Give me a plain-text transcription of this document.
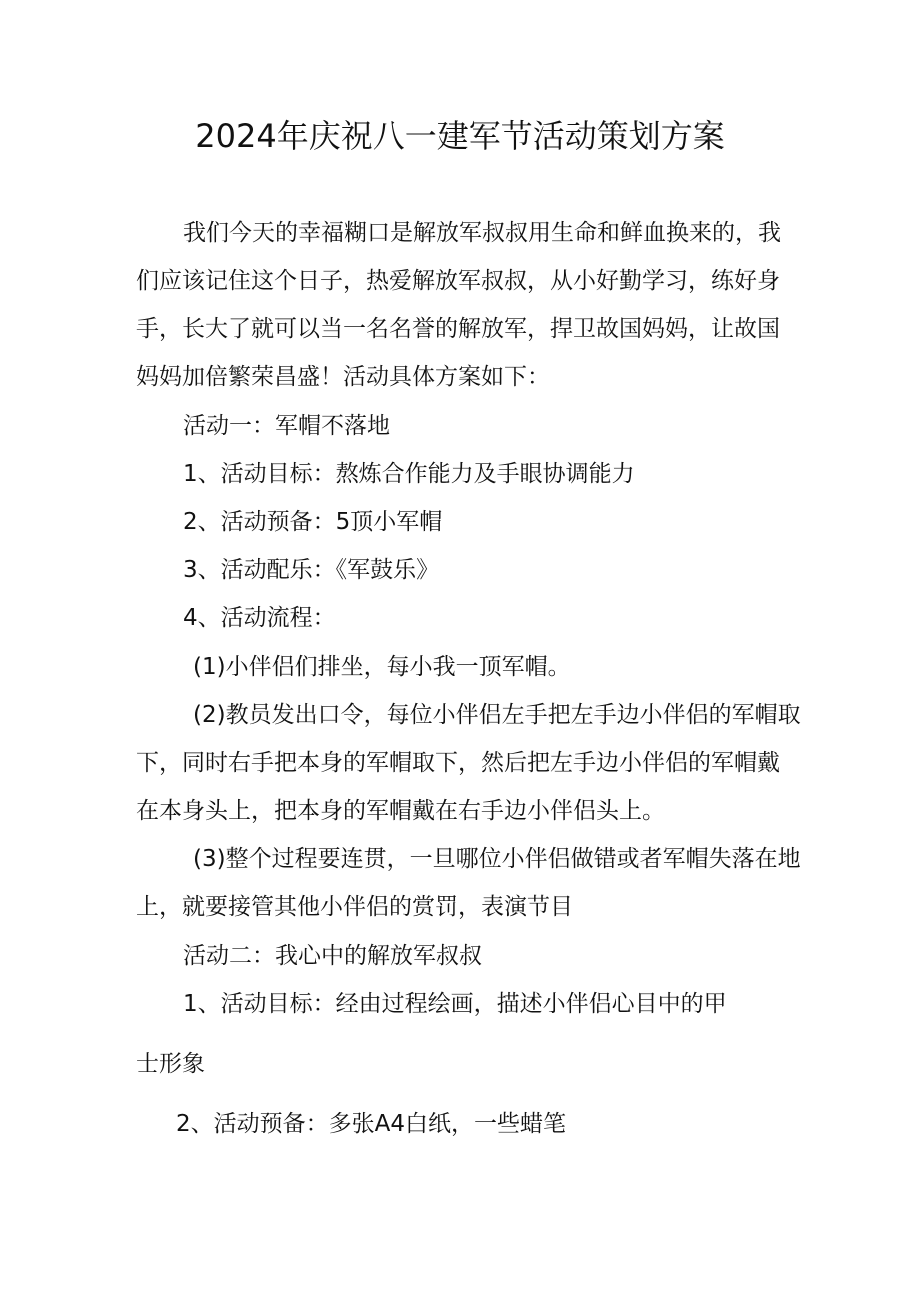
2024年庆祝八一建军节活动策划方案

我们今天的幸福糊口是解放军叔叔用生命和鲜血换来的，我

们应该记住这个日子，热爱解放军叔叔，从小好勤学习，练好身

手，长大了就可以当一名名誉的解放军，捍卫故国妈妈，让故国

妈妈加倍繁荣昌盛！活动具体方案如下：

活动一：军帽不落地

1、活动目标：熬炼合作能力及手眼协调能力

2、活动预备：5顶小军帽

3、活动配乐：《军鼓乐》

4、活动流程：

(1)小伴侣们排坐，每小我一顶军帽。

(2)教员发出口令，每位小伴侣左手把左手边小伴侣的军帽取

下，同时右手把本身的军帽取下，然后把左手边小伴侣的军帽戴

在本身头上，把本身的军帽戴在右手边小伴侣头上。

(3)整个过程要连贯，一旦哪位小伴侣做错或者军帽失落在地

上，就要接管其他小伴侣的赏罚，表演节目

活动二：我心中的解放军叔叔

1、活动目标：经由过程绘画，描述小伴侣心目中的甲

士形象

2、活动预备：多张A4白纸，一些蜡笔
